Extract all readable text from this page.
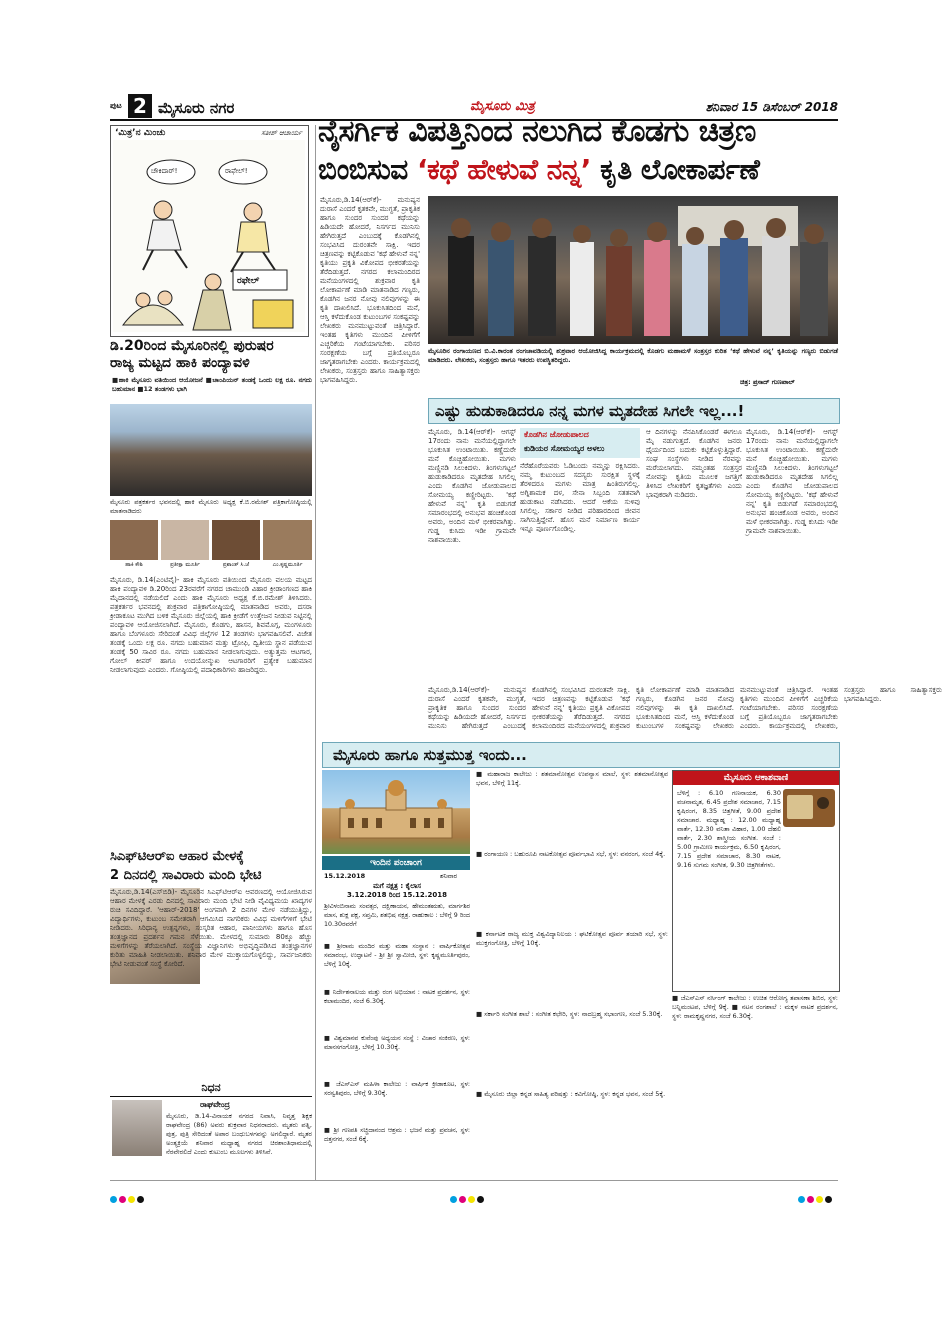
ಪುಟ 2 ಮೈಸೂರು ನಗರ	ಮೈಸೂರು ಮಿತ್ರ	ಶನಿವಾರ 15 ಡಿಸೆಂಬರ್ 2018
‘ಮಿತ್ರ’ನ ಮಿಂಚು	ಸತೀಶ್ ಆಚಾರ್ಯ
ಚೌಕಿದಾರ್!	ರಾಫೇಲ್!
ರಫೇಲ್
ಡಿ.20ರಿಂದ ಮೈಸೂರಿನಲ್ಲಿ ಪುರುಷರ
ರಾಜ್ಯ ಮಟ್ಟದ ಹಾಕಿ ಪಂದ್ಯಾವಳಿ
■ಹಾಕಿ ಮೈಸೂರು ವತಿಯಿಂದ ಆಯೋಜನೆ ■ಚಾಂಪಿಯನ್ ತಂಡಕ್ಕೆ ಒಂದು ಲಕ್ಷ ರೂ. ನಗದು ಬಹುಮಾನ ■12 ತಂಡಗಳು ಭಾಗಿ
ಮೈಸೂರು ಪತ್ರಕರ್ತರ ಭವನದಲ್ಲಿ ಹಾಕಿ ಮೈಸೂರು ಅಧ್ಯಕ್ಷ ಕೆ.ಬಿ.ರಮೇಶ್ ಪತ್ರಿಕಾಗೋಷ್ಠಿಯಲ್ಲಿ ಮಾತನಾಡಿದರು
ಹಾಕಿ ಕೌಶಿ	ಪ್ರತೀಕ್ಷಾ ಮೂರ್ತಿ	ಪ್ರಶಾಂತ್ ಸಿ.ಜೆ	ಎಂ.ಕೃಷ್ಣಮೂರ್ತಿ
ಮೈಸೂರು, ಡಿ.14(ಎಂಟಿವೈ)- ಹಾಕಿ ಮೈಸೂರು ವತಿಯಿಂದ ಮೈಸೂರು ವಲಯ ಮಟ್ಟದ ಹಾಕಿ ಪಂದ್ಯಾವಳಿ ಡಿ.20ರಿಂದ 23ರವರೆಗೆ ನಗರದ ಚಾಮುಂಡಿ ವಿಹಾರ ಕ್ರೀಡಾಂಗಣದ ಹಾಕಿ ಮೈದಾನದಲ್ಲಿ ನಡೆಯಲಿದೆ ಎಂದು ಹಾಕಿ ಮೈಸೂರು ಅಧ್ಯಕ್ಷ ಕೆ.ಬಿ.ರಮೇಶ್ ತಿಳಿಸಿದರು. ಪತ್ರಕರ್ತರ ಭವನದಲ್ಲಿ ಶುಕ್ರವಾರ ಪತ್ರಿಕಾಗೋಷ್ಠಿಯಲ್ಲಿ ಮಾತನಾಡಿದ ಅವರು, ದಸರಾ ಕ್ರೀಡಾಕೂಟ ಮುಗಿದ ಬಳಿಕ ಮೈಸೂರು ಜಿಲ್ಲೆಯಲ್ಲಿ ಹಾಕಿ ಕ್ರೀಡೆಗೆ ಉತ್ತೇಜನ ನೀಡುವ ನಿಟ್ಟಿನಲ್ಲಿ ಪಂದ್ಯಾವಳಿ ಆಯೋಜಿಸಲಾಗಿದೆ. ಮೈಸೂರು, ಕೊಡಗು, ಹಾಸನ, ಶಿವಮೊಗ್ಗ, ಮಂಗಳೂರು ಹಾಗೂ ಬೆಂಗಳೂರು ಸೇರಿದಂತೆ ವಿವಿಧ ಜಿಲ್ಲೆಗಳ 12 ತಂಡಗಳು ಭಾಗವಹಿಸಲಿವೆ. ವಿಜೇತ ತಂಡಕ್ಕೆ ಒಂದು ಲಕ್ಷ ರೂ. ನಗದು ಬಹುಮಾನ ಮತ್ತು ಟ್ರೋಫಿ, ದ್ವಿತೀಯ ಸ್ಥಾನ ಪಡೆಯುವ ತಂಡಕ್ಕೆ 50 ಸಾವಿರ ರೂ. ನಗದು ಬಹುಮಾನ ನೀಡಲಾಗುವುದು. ಅತ್ಯುತ್ತಮ ಆಟಗಾರ, ಗೋಲ್ ಕೀಪರ್ ಹಾಗೂ ಉದಯೋನ್ಮುಖ ಆಟಗಾರರಿಗೆ ಪ್ರತ್ಯೇಕ ಬಹುಮಾನ ನೀಡಲಾಗುವುದು ಎಂದರು. ಗೋಷ್ಠಿಯಲ್ಲಿ ಪದಾಧಿಕಾರಿಗಳು ಹಾಜರಿದ್ದರು.
ಸಿಎಫ್‌ಟಿಆರ್‌ಐ ಆಹಾರ ಮೇಳಕ್ಕೆ
2 ದಿನದಲ್ಲಿ ಸಾವಿರಾರು ಮಂದಿ ಭೇಟಿ
ಮೈಸೂರು,ಡಿ.14(ಎಸ್‌ಬಿಡಿ)- ಮೈಸೂರಿನ ಸಿಎಫ್‌ಟಿಆರ್‌ಐ ಆವರಣದಲ್ಲಿ ಆಯೋಜಿಸಿರುವ ಆಹಾರ ಮೇಳಕ್ಕೆ ಎರಡು ದಿನದಲ್ಲಿ ಸಾವಿರಾರು ಮಂದಿ ಭೇಟಿ ನೀಡಿ ವೈವಿಧ್ಯಮಯ ಖಾದ್ಯಗಳ ರುಚಿ ಸವಿದಿದ್ದಾರೆ. 'ಆಹಾರ್-2018' ಅಂಗವಾಗಿ 2 ದಿನಗಳ ಮೇಳ ನಡೆಯುತ್ತಿದ್ದು, ವಿದ್ಯಾರ್ಥಿಗಳು, ಕುಟುಂಬ ಸಮೇತರಾಗಿ ಆಗಮಿಸಿದ ನಾಗರಿಕರು ವಿವಿಧ ಮಳಿಗೆಗಳಿಗೆ ಭೇಟಿ ನೀಡಿದರು. ಸಿರಿಧಾನ್ಯ ಉತ್ಪನ್ನಗಳು, ಸಂಸ್ಕರಿತ ಆಹಾರ, ಪಾನೀಯಗಳು ಹಾಗೂ ಹೊಸ ತಂತ್ರಜ್ಞಾನದ ಪ್ರದರ್ಶನ ಗಮನ ಸೆಳೆಯಿತು. ಮೇಳದಲ್ಲಿ ಸುಮಾರು 80ಕ್ಕೂ ಹೆಚ್ಚು ಮಳಿಗೆಗಳನ್ನು ತೆರೆಯಲಾಗಿದೆ. ಸಂಸ್ಥೆಯ ವಿಜ್ಞಾನಿಗಳು ಅಭಿವೃದ್ಧಿಪಡಿಸಿದ ತಂತ್ರಜ್ಞಾನಗಳ ಕುರಿತು ಮಾಹಿತಿ ನೀಡಲಾಯಿತು. ಶನಿವಾರ ಮೇಳ ಮುಕ್ತಾಯಗೊಳ್ಳಲಿದ್ದು, ಸಾರ್ವಜನಿಕರು ಭೇಟಿ ನೀಡುವಂತೆ ಸಂಸ್ಥೆ ಕೋರಿದೆ.
ನಿಧನ
ರಾಘವೇಂದ್ರ
ಮೈಸೂರು, ಡಿ.14-ವಿನಾಯಕ ನಗರದ ನಿವಾಸಿ, ನಿವೃತ್ತ ಶಿಕ್ಷಕ ರಾಘವೇಂದ್ರ (86) ಅವರು ಶುಕ್ರವಾರ ನಿಧನರಾದರು. ಮೃತರು ಪತ್ನಿ, ಪುತ್ರ, ಪುತ್ರಿ ಸೇರಿದಂತೆ ಅಪಾರ ಬಂಧುಬಳಗವನ್ನು ಅಗಲಿದ್ದಾರೆ. ಮೃತರ ಅಂತ್ಯಕ್ರಿಯೆ ಶನಿವಾರ ಮಧ್ಯಾಹ್ನ ನಗರದ ಚಿರಶಾಂತಿಧಾಮದಲ್ಲಿ ನೆರವೇರಲಿದೆ ಎಂದು ಕುಟುಂಬ ಮೂಲಗಳು ತಿಳಿಸಿವೆ.
ನೈಸರ್ಗಿಕ ವಿಪತ್ತಿನಿಂದ ನಲುಗಿದ ಕೊಡಗು ಚಿತ್ರಣ
ಬಿಂಬಿಸುವ ‘ಕಥೆ ಹೇಳುವೆ ನನ್ನ’ ಕೃತಿ ಲೋಕಾರ್ಪಣೆ
ಮೈಸೂರು,ಡಿ.14(ಆರ್‌ಕೆ)- ಮನುಷ್ಯನ ದುರಾಸೆ ಎಂದರೆ ಕೃತಕವೇ, ಮುಗ್ಧತೆ, ಪ್ರಾಕೃತಿಕ ಹಾಗೂ ಸುಂದರ ಸುಂದರ ಕಥೆಯನ್ನು ಹಿಡಿಯದೇ ಹೋದರೆ, ನಿಸರ್ಗದ ಮುನಿಸು ಹೇಗಿರುತ್ತದೆ ಎಂಬುದಕ್ಕೆ ಕೊಡಗಿನಲ್ಲಿ ಸಂಭವಿಸಿದ ದುರಂತವೇ ಸಾಕ್ಷಿ. ಇದರ ಚಿತ್ರಣವನ್ನು ಕಟ್ಟಿಕೊಡುವ 'ಕಥೆ ಹೇಳುವೆ ನನ್ನ' ಕೃತಿಯು ಪ್ರಕೃತಿ ವಿಕೋಪದ ಭೀಕರತೆಯನ್ನು ತೆರೆದಿಡುತ್ತದೆ. ನಗರದ ಕಲಾಮಂದಿರದ ಮನೆಯಂಗಳದಲ್ಲಿ ಶುಕ್ರವಾರ ಕೃತಿ ಲೋಕಾರ್ಪಣೆ ಮಾಡಿ ಮಾತನಾಡಿದ ಗಣ್ಯರು, ಕೊಡಗಿನ ಜನರ ನೋವು ನಲಿವುಗಳನ್ನು ಈ ಕೃತಿ ದಾಖಲಿಸಿದೆ. ಭೂಕುಸಿತದಿಂದ ಮನೆ, ಆಸ್ತಿ ಕಳೆದುಕೊಂಡ ಕುಟುಂಬಗಳ ಸಂಕಷ್ಟವನ್ನು ಲೇಖಕರು ಮನಮುಟ್ಟುವಂತೆ ಚಿತ್ರಿಸಿದ್ದಾರೆ. ಇಂತಹ ಕೃತಿಗಳು ಮುಂದಿನ ಪೀಳಿಗೆಗೆ ಎಚ್ಚರಿಕೆಯ ಗಂಟೆಯಾಗಬೇಕು. ಪರಿಸರ ಸಂರಕ್ಷಣೆಯ ಬಗ್ಗೆ ಪ್ರತಿಯೊಬ್ಬರೂ ಜಾಗೃತರಾಗಬೇಕು ಎಂದರು. ಕಾರ್ಯಕ್ರಮದಲ್ಲಿ ಲೇಖಕರು, ಸಂತ್ರಸ್ತರು ಹಾಗೂ ಸಾಹಿತ್ಯಾಸಕ್ತರು ಭಾಗವಹಿಸಿದ್ದರು.
ಮೈಸೂರಿನ ರಂಗಾಯಣದ ಬಿ.ವಿ.ಕಾರಂತ ರಂಗಚಾವಡಿಯಲ್ಲಿ ಶುಕ್ರವಾರ ಆಯೋಜಿಸಿದ್ದ ಕಾರ್ಯಕ್ರಮದಲ್ಲಿ ಕೊಡಗು ಮಹಾಮಳೆ ಸಂತ್ರಸ್ತರ ಕುರಿತ ‘ಕಥೆ ಹೇಳುವೆ ನನ್ನ’ ಕೃತಿಯನ್ನು ಗಣ್ಯರು ಬಿಡುಗಡೆ ಮಾಡಿದರು. ಲೇಖಕರು, ಸಂತ್ರಸ್ತರು ಹಾಗೂ ಇತರರು ಉಪಸ್ಥಿತರಿದ್ದರು.
ಚಿತ್ರ: ಪ್ರಸಾದ್ ಗುಣಪಾಲ್
ಎಷ್ಟು ಹುಡುಕಾಡಿದರೂ ನನ್ನ ಮಗಳ ಮೃತದೇಹ ಸಿಗಲೇ ಇಲ್ಲ...!
ಕೊಡಗಿನ ಜೋಡುಪಾಲದ
ಕುಡಿಯರ ಸೋಮಯ್ಯರ ಅಳಲು
ಮೈಸೂರು, ಡಿ.14(ಆರ್‌ಕೆ)- ಆಗಸ್ಟ್ 17ರಂದು ನಾನು ಮನೆಯಲ್ಲಿದ್ದಾಗಲೇ ಭೂಕುಸಿತ ಉಂಟಾಯಿತು. ಕಣ್ಣೆದುರೇ ಮನೆ ಕೊಚ್ಚಿಹೋಯಿತು. ಮಗಳು ಮಣ್ಣಿನಡಿ ಸಿಲುಕಿದಳು. ತಿಂಗಳುಗಟ್ಟಲೆ ಹುಡುಕಾಡಿದರೂ ಮೃತದೇಹ ಸಿಗಲಿಲ್ಲ ಎಂದು ಕೊಡಗಿನ ಜೋಡುಪಾಲದ ಸೋಮಯ್ಯ ಕಣ್ಣೀರಿಟ್ಟರು. 'ಕಥೆ ಹೇಳುವೆ ನನ್ನ' ಕೃತಿ ಬಿಡುಗಡೆ ಸಮಾರಂಭದಲ್ಲಿ ಅನುಭವ ಹಂಚಿಕೊಂಡ ಅವರು, ಅಂದಿನ ಮಳೆ ಭೀಕರವಾಗಿತ್ತು. ಗುಡ್ಡ ಕುಸಿದು ಇಡೀ ಗ್ರಾಮವೇ ನಾಶವಾಯಿತು.
ನೆರೆಹೊರೆಯವರು ಓಡಿಬಂದು ನಮ್ಮನ್ನು ರಕ್ಷಿಸಿದರು. ನಮ್ಮ ಕುಟುಂಬದ ಸದಸ್ಯರು ಸುರಕ್ಷಿತ ಸ್ಥಳಕ್ಕೆ ತೆರಳಿದರೂ ಮಗಳು ಮಾತ್ರ ಹಿಂತಿರುಗಲಿಲ್ಲ. ಅಗ್ನಿಶಾಮಕ ದಳ, ಸೇನಾ ಸಿಬ್ಬಂದಿ ಸತತವಾಗಿ ಹುಡುಕಾಟ ನಡೆಸಿದರು. ಆದರೆ ಆಕೆಯ ಸುಳಿವು ಸಿಗಲಿಲ್ಲ. ಸರ್ಕಾರ ನೀಡಿದ ಪರಿಹಾರದಿಂದ ಜೀವನ ಸಾಗಿಸುತ್ತಿದ್ದೇವೆ. ಹೊಸ ಮನೆ ನಿರ್ಮಾಣ ಕಾರ್ಯ ಇನ್ನೂ ಪೂರ್ಣಗೊಂಡಿಲ್ಲ.
ಆ ದಿನಗಳನ್ನು ನೆನಪಿಸಿಕೊಂಡರೆ ಈಗಲೂ ಮೈ ನಡುಗುತ್ತದೆ. ಕೊಡಗಿನ ಜನರು ಧೈರ್ಯದಿಂದ ಬದುಕು ಕಟ್ಟಿಕೊಳ್ಳುತ್ತಿದ್ದಾರೆ. ಸಂಘ ಸಂಸ್ಥೆಗಳು ನೀಡಿದ ನೆರವನ್ನು ಮರೆಯಲಾಗದು. ನಮ್ಮಂತಹ ಸಂತ್ರಸ್ತರ ನೋವನ್ನು ಕೃತಿಯ ಮೂಲಕ ಜಗತ್ತಿಗೆ ತಿಳಿಸಿದ ಲೇಖಕರಿಗೆ ಕೃತಜ್ಞತೆಗಳು ಎಂದು ಭಾವುಕರಾಗಿ ನುಡಿದರು.
ಮೈಸೂರು, ಡಿ.14(ಆರ್‌ಕೆ)- ಆಗಸ್ಟ್ 17ರಂದು ನಾನು ಮನೆಯಲ್ಲಿದ್ದಾಗಲೇ ಭೂಕುಸಿತ ಉಂಟಾಯಿತು. ಕಣ್ಣೆದುರೇ ಮನೆ ಕೊಚ್ಚಿಹೋಯಿತು. ಮಗಳು ಮಣ್ಣಿನಡಿ ಸಿಲುಕಿದಳು. ತಿಂಗಳುಗಟ್ಟಲೆ ಹುಡುಕಾಡಿದರೂ ಮೃತದೇಹ ಸಿಗಲಿಲ್ಲ ಎಂದು ಕೊಡಗಿನ ಜೋಡುಪಾಲದ ಸೋಮಯ್ಯ ಕಣ್ಣೀರಿಟ್ಟರು. 'ಕಥೆ ಹೇಳುವೆ ನನ್ನ' ಕೃತಿ ಬಿಡುಗಡೆ ಸಮಾರಂಭದಲ್ಲಿ ಅನುಭವ ಹಂಚಿಕೊಂಡ ಅವರು, ಅಂದಿನ ಮಳೆ ಭೀಕರವಾಗಿತ್ತು. ಗುಡ್ಡ ಕುಸಿದು ಇಡೀ ಗ್ರಾಮವೇ ನಾಶವಾಯಿತು.
ಮೈಸೂರು,ಡಿ.14(ಆರ್‌ಕೆ)- ಮನುಷ್ಯನ ದುರಾಸೆ ಎಂದರೆ ಕೃತಕವೇ, ಮುಗ್ಧತೆ, ಪ್ರಾಕೃತಿಕ ಹಾಗೂ ಸುಂದರ ಸುಂದರ ಕಥೆಯನ್ನು ಹಿಡಿಯದೇ ಹೋದರೆ, ನಿಸರ್ಗದ ಮುನಿಸು ಹೇಗಿರುತ್ತದೆ ಎಂಬುದಕ್ಕೆ ಕೊಡಗಿನಲ್ಲಿ ಸಂಭವಿಸಿದ ದುರಂತವೇ ಸಾಕ್ಷಿ. ಇದರ ಚಿತ್ರಣವನ್ನು ಕಟ್ಟಿಕೊಡುವ 'ಕಥೆ ಹೇಳುವೆ ನನ್ನ' ಕೃತಿಯು ಪ್ರಕೃತಿ ವಿಕೋಪದ ಭೀಕರತೆಯನ್ನು ತೆರೆದಿಡುತ್ತದೆ. ನಗರದ ಕಲಾಮಂದಿರದ ಮನೆಯಂಗಳದಲ್ಲಿ ಶುಕ್ರವಾರ ಕೃತಿ ಲೋಕಾರ್ಪಣೆ ಮಾಡಿ ಮಾತನಾಡಿದ ಗಣ್ಯರು, ಕೊಡಗಿನ ಜನರ ನೋವು ನಲಿವುಗಳನ್ನು ಈ ಕೃತಿ ದಾಖಲಿಸಿದೆ. ಭೂಕುಸಿತದಿಂದ ಮನೆ, ಆಸ್ತಿ ಕಳೆದುಕೊಂಡ ಕುಟುಂಬಗಳ ಸಂಕಷ್ಟವನ್ನು ಲೇಖಕರು ಮನಮುಟ್ಟುವಂತೆ ಚಿತ್ರಿಸಿದ್ದಾರೆ. ಇಂತಹ ಕೃತಿಗಳು ಮುಂದಿನ ಪೀಳಿಗೆಗೆ ಎಚ್ಚರಿಕೆಯ ಗಂಟೆಯಾಗಬೇಕು. ಪರಿಸರ ಸಂರಕ್ಷಣೆಯ ಬಗ್ಗೆ ಪ್ರತಿಯೊಬ್ಬರೂ ಜಾಗೃತರಾಗಬೇಕು ಎಂದರು. ಕಾರ್ಯಕ್ರಮದಲ್ಲಿ ಲೇಖಕರು, ಸಂತ್ರಸ್ತರು ಹಾಗೂ ಸಾಹಿತ್ಯಾಸಕ್ತರು ಭಾಗವಹಿಸಿದ್ದರು.
ಮೈಸೂರು ಹಾಗೂ ಸುತ್ತಮುತ್ತ ಇಂದು...
ಇಂದಿನ ಪಂಚಾಂಗ
15.12.2018	ಶನಿವಾರ
ಮಗೆ ನಕ್ಷತ್ರ : ಕೈಲಾಸ
3.12.2018 ರಿಂದ 15.12.2018
ಶ್ರೀವಿಳಂಬಿನಾಮ ಸಂವತ್ಸರ, ದಕ್ಷಿಣಾಯನ, ಹೇಮಂತಋತು, ಮಾರ್ಗಶಿರ ಮಾಸ, ಶುಕ್ಲ ಪಕ್ಷ, ಸಪ್ತಮಿ, ಶತಭಿಷ ನಕ್ಷತ್ರ. ರಾಹುಕಾಲ : ಬೆಳಿಗ್ಗೆ 9 ರಿಂದ 10.30ರವರೆಗೆ
■ ಶ್ರೀರಾಮ ಮಂದಿರ ಮತ್ತು ಮಹಾ ಸಂಸ್ಥಾನ : ವಾರ್ಷಿಕೋತ್ಸವ ಸಮಾರಂಭ, ಉದ್ಘಾಟನೆ - ಶ್ರೀ ಶ್ರೀ ಸ್ವಾಮೀಜಿ, ಸ್ಥಳ: ಕೃಷ್ಣಮೂರ್ತಿಪುರಂ, ಬೆಳಿಗ್ಗೆ 10ಕ್ಕೆ.
■ ನಿರ್ದೇಶನಾಲಯ ಮತ್ತು ರಂಗ ಅಭಿಯಾನ : ನಾಟಕ ಪ್ರದರ್ಶನ, ಸ್ಥಳ: ಕಲಾಮಂದಿರ, ಸಂಜೆ 6.30ಕ್ಕೆ.
■ ವಿಶ್ವಮಾನವ ಕುವೆಂಪು ಅಧ್ಯಯನ ಸಂಸ್ಥೆ : ವಿಚಾರ ಸಂಕಿರಣ, ಸ್ಥಳ: ಮಾನಸಗಂಗೋತ್ರಿ, ಬೆಳಿಗ್ಗೆ 10.30ಕ್ಕೆ.
■ ಜೆಎಸ್‌ಎಸ್ ಮಹಿಳಾ ಕಾಲೇಜು : ವಾರ್ಷಿಕ ಕ್ರೀಡಾಕೂಟ, ಸ್ಥಳ: ಸರಸ್ವತಿಪುರಂ, ಬೆಳಿಗ್ಗೆ 9.30ಕ್ಕೆ.
■ ಶ್ರೀ ಗಣಪತಿ ಸಚ್ಚಿದಾನಂದ ಆಶ್ರಮ : ಭಜನೆ ಮತ್ತು ಪ್ರವಚನ, ಸ್ಥಳ: ದತ್ತನಗರ, ಸಂಜೆ 6ಕ್ಕೆ.
■ ಮಹಾರಾಜ ಕಾಲೇಜು : ಶತಮಾನೋತ್ಸವ ಉಪನ್ಯಾಸ ಮಾಲೆ, ಸ್ಥಳ: ಶತಮಾನೋತ್ಸವ ಭವನ, ಬೆಳಿಗ್ಗೆ 11ಕ್ಕೆ.
■ ರಂಗಾಯಣ : ಬಹುರೂಪಿ ನಾಟಕೋತ್ಸವ ಪೂರ್ವಭಾವಿ ಸಭೆ, ಸ್ಥಳ: ವನರಂಗ, ಸಂಜೆ 4ಕ್ಕೆ.
■ ಕರ್ನಾಟಕ ರಾಜ್ಯ ಮುಕ್ತ ವಿಶ್ವವಿದ್ಯಾನಿಲಯ : ಘಟಿಕೋತ್ಸವ ಪೂರ್ವ ತಯಾರಿ ಸಭೆ, ಸ್ಥಳ: ಮುಕ್ತಗಂಗೋತ್ರಿ, ಬೆಳಿಗ್ಗೆ 10ಕ್ಕೆ.
■ ಸರ್ಕಾರಿ ಸಂಗೀತ ಶಾಲೆ : ಸಂಗೀತ ಕಛೇರಿ, ಸ್ಥಳ: ನಾದಬ್ರಹ್ಮ ಸಭಾಂಗಣ, ಸಂಜೆ 5.30ಕ್ಕೆ.
■ ಮೈಸೂರು ಜಿಲ್ಲಾ ಕನ್ನಡ ಸಾಹಿತ್ಯ ಪರಿಷತ್ತು : ಕವಿಗೋಷ್ಠಿ, ಸ್ಥಳ: ಕನ್ನಡ ಭವನ, ಸಂಜೆ 5ಕ್ಕೆ.
ಮೈಸೂರು ಆಕಾಶವಾಣಿ
ಬೆಳಿಗ್ಗೆ : 6.10 ಗಣನಾಯಕ, 6.30 ವಚನಾಮೃತ, 6.45 ಪ್ರದೇಶ ಸಮಾಚಾರ, 7.15 ಕೃಷಿರಂಗ, 8.35 ಚಿತ್ರಗೀತೆ, 9.00 ಪ್ರದೇಶ ಸಮಾಚಾರ. ಮಧ್ಯಾಹ್ನ : 12.00 ಮಧ್ಯಾಹ್ನ ವಾರ್ತೆ, 12.30 ವನಿತಾ ವಿಹಾರ, 1.00 ದೆಹಲಿ ವಾರ್ತೆ, 2.30 ಶಾಸ್ತ್ರೀಯ ಸಂಗೀತ. ಸಂಜೆ : 5.00 ಗ್ರಾಮೀಣ ಕಾರ್ಯಕ್ರಮ, 6.50 ಕೃಷಿರಂಗ, 7.15 ಪ್ರದೇಶ ಸಮಾಚಾರ, 8.30 ನಾಟಕ, 9.16 ಸುಗಮ ಸಂಗೀತ, 9.30 ಚಿತ್ರಗೀತೆಗಳು.
■ ಜೆಎಸ್‌ಎಸ್ ನರ್ಸಿಂಗ್ ಕಾಲೇಜು : ಉಚಿತ ಆರೋಗ್ಯ ತಪಾಸಣಾ ಶಿಬಿರ, ಸ್ಥಳ: ಬನ್ನಿಮಂಟಪ, ಬೆಳಿಗ್ಗೆ 9ಕ್ಕೆ. ■ ನಟನ ರಂಗಶಾಲೆ : ಮಕ್ಕಳ ನಾಟಕ ಪ್ರದರ್ಶನ, ಸ್ಥಳ: ರಾಮಕೃಷ್ಣನಗರ, ಸಂಜೆ 6.30ಕ್ಕೆ.
